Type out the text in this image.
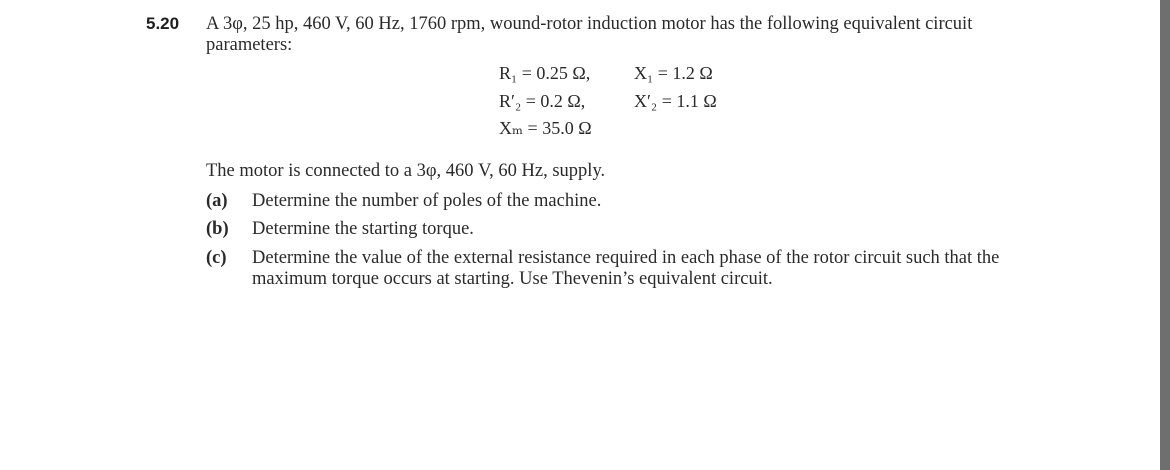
5.20 A 3φ, 25 hp, 460 V, 60 Hz, 1760 rpm, wound-rotor induction motor has the following equivalent circuit parameters:
R₁ = 0.25 Ω, X₁ = 1.2 Ω
R′₂ = 0.2 Ω,	X′₂ = 1.1 Ω
Xₘ = 35.0 Ω
The motor is connected to a 3φ, 460 V, 60 Hz, supply.
(a)	Determine the number of poles of the machine.
(b)	Determine the starting torque.
(c)	Determine the value of the external resistance required in each phase of the rotor circuit such that the maximum torque occurs at starting. Use Thevenin’s equivalent circuit.
